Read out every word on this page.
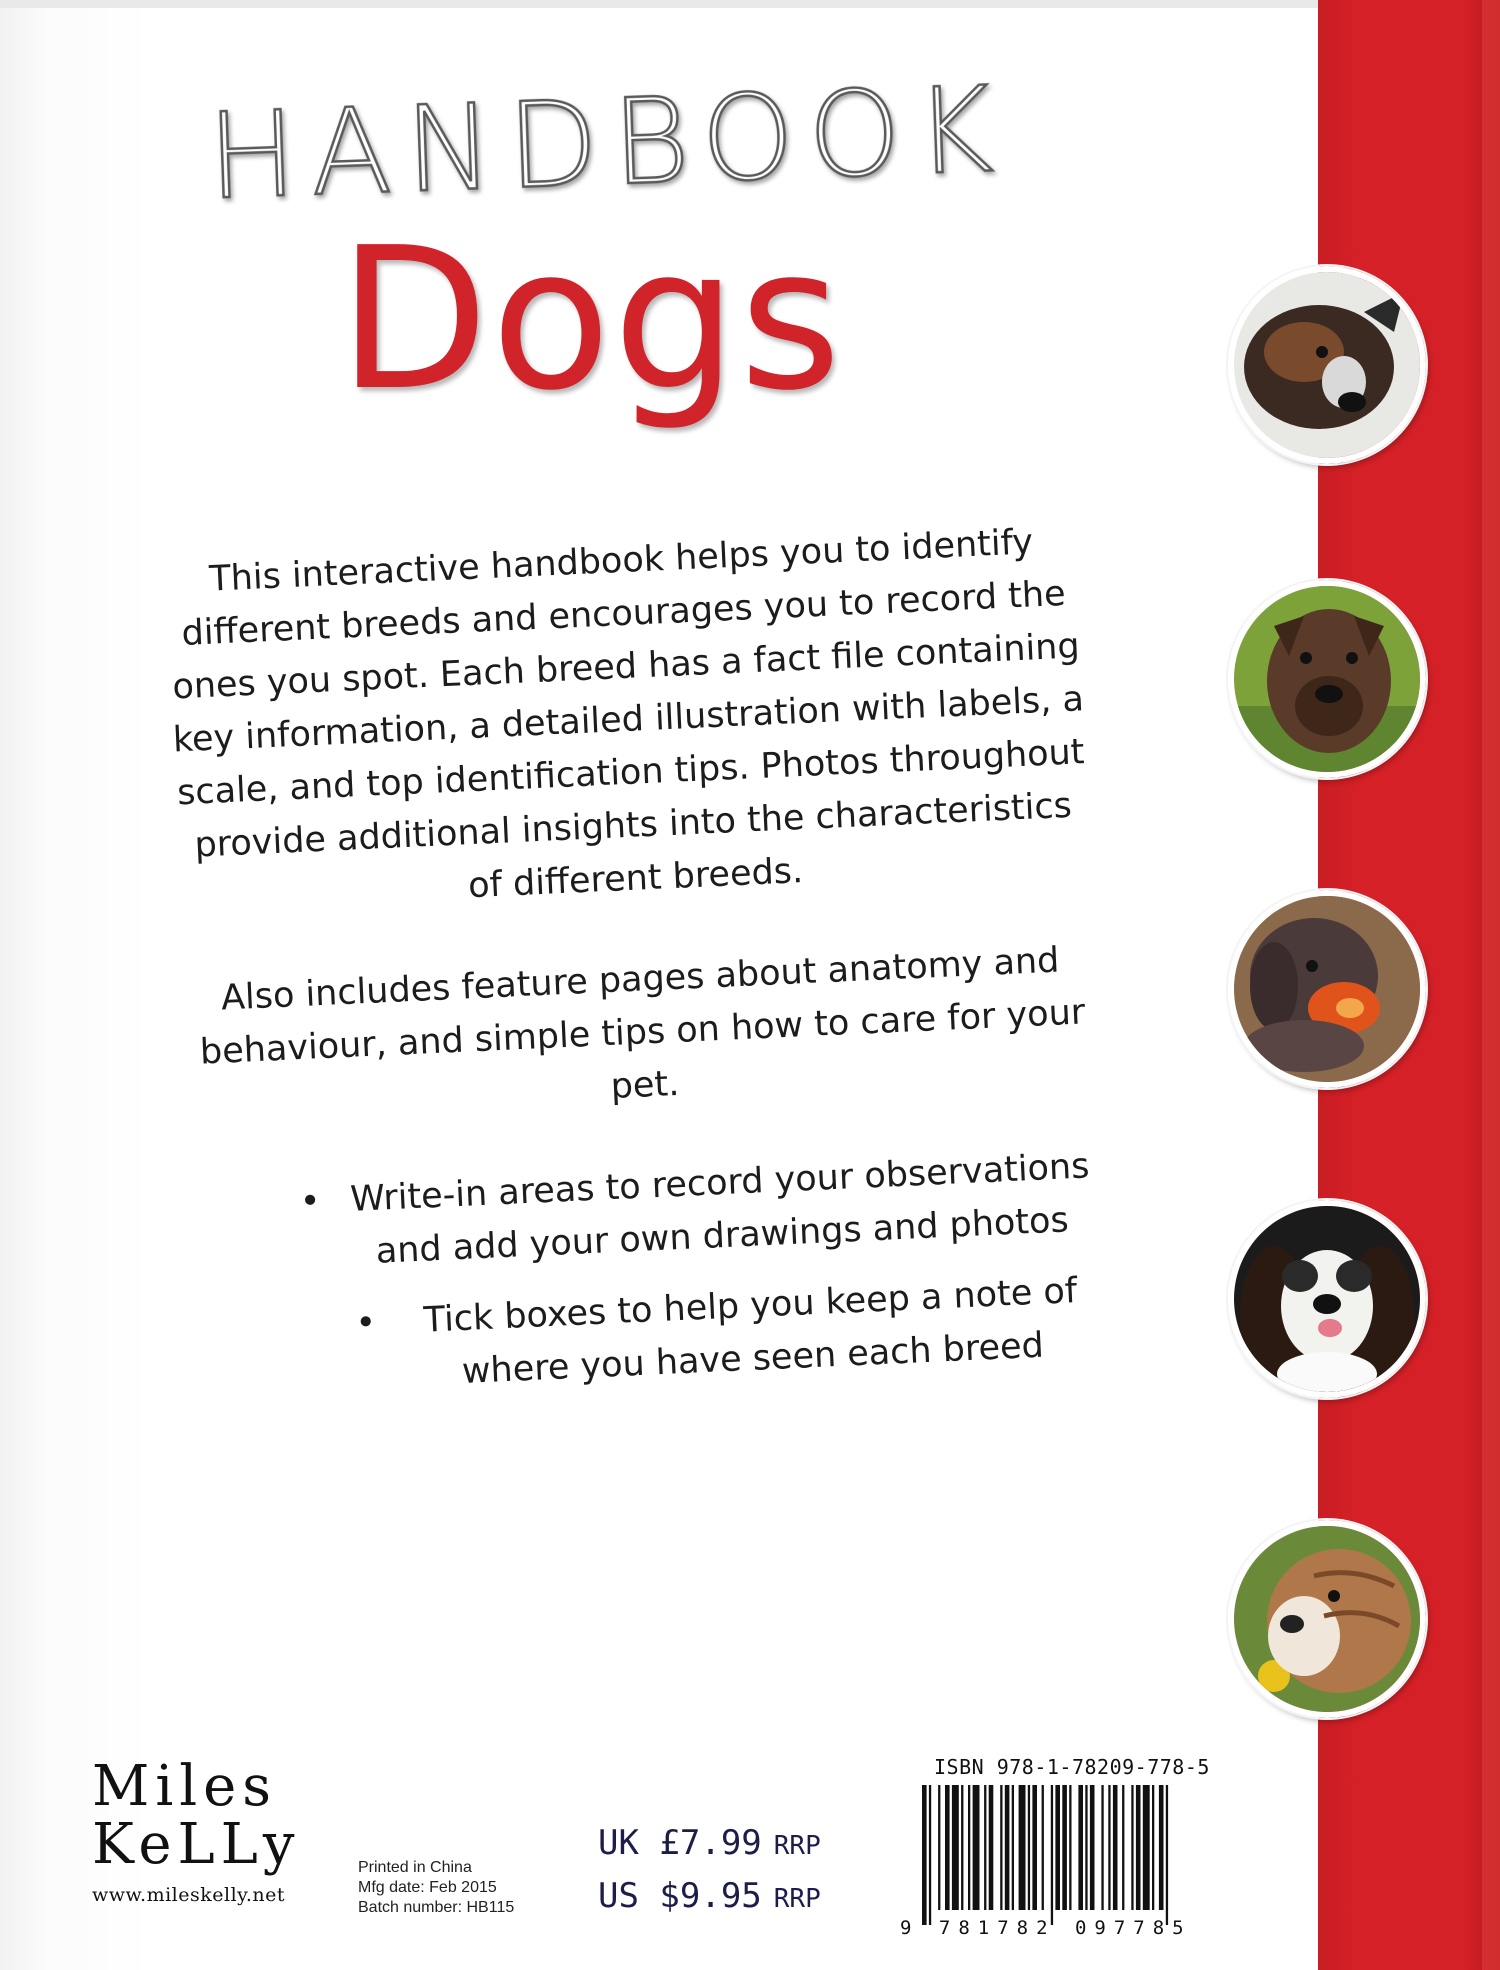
HANDBOOK
Dogs

This interactive handbook helps you to identify different breeds and encourages you to record the ones you spot. Each breed has a fact file containing key information, a detailed illustration with labels, a scale, and top identification tips. Photos throughout provide additional insights into the characteristics of different breeds.

Also includes feature pages about anatomy and behaviour, and simple tips on how to care for your pet.

• Write-in areas to record your observations and add your own drawings and photos
•	Tick boxes to help you keep a note of where you have seen each breed
Miles
KeLLy
www.mileskelly.net
Printed in China
Mfg date: Feb 2015
Batch number: HB115
UK £7.99 RRP
US $9.95 RRP
ISBN 978-1-78209-778-5
9 781782 097785
